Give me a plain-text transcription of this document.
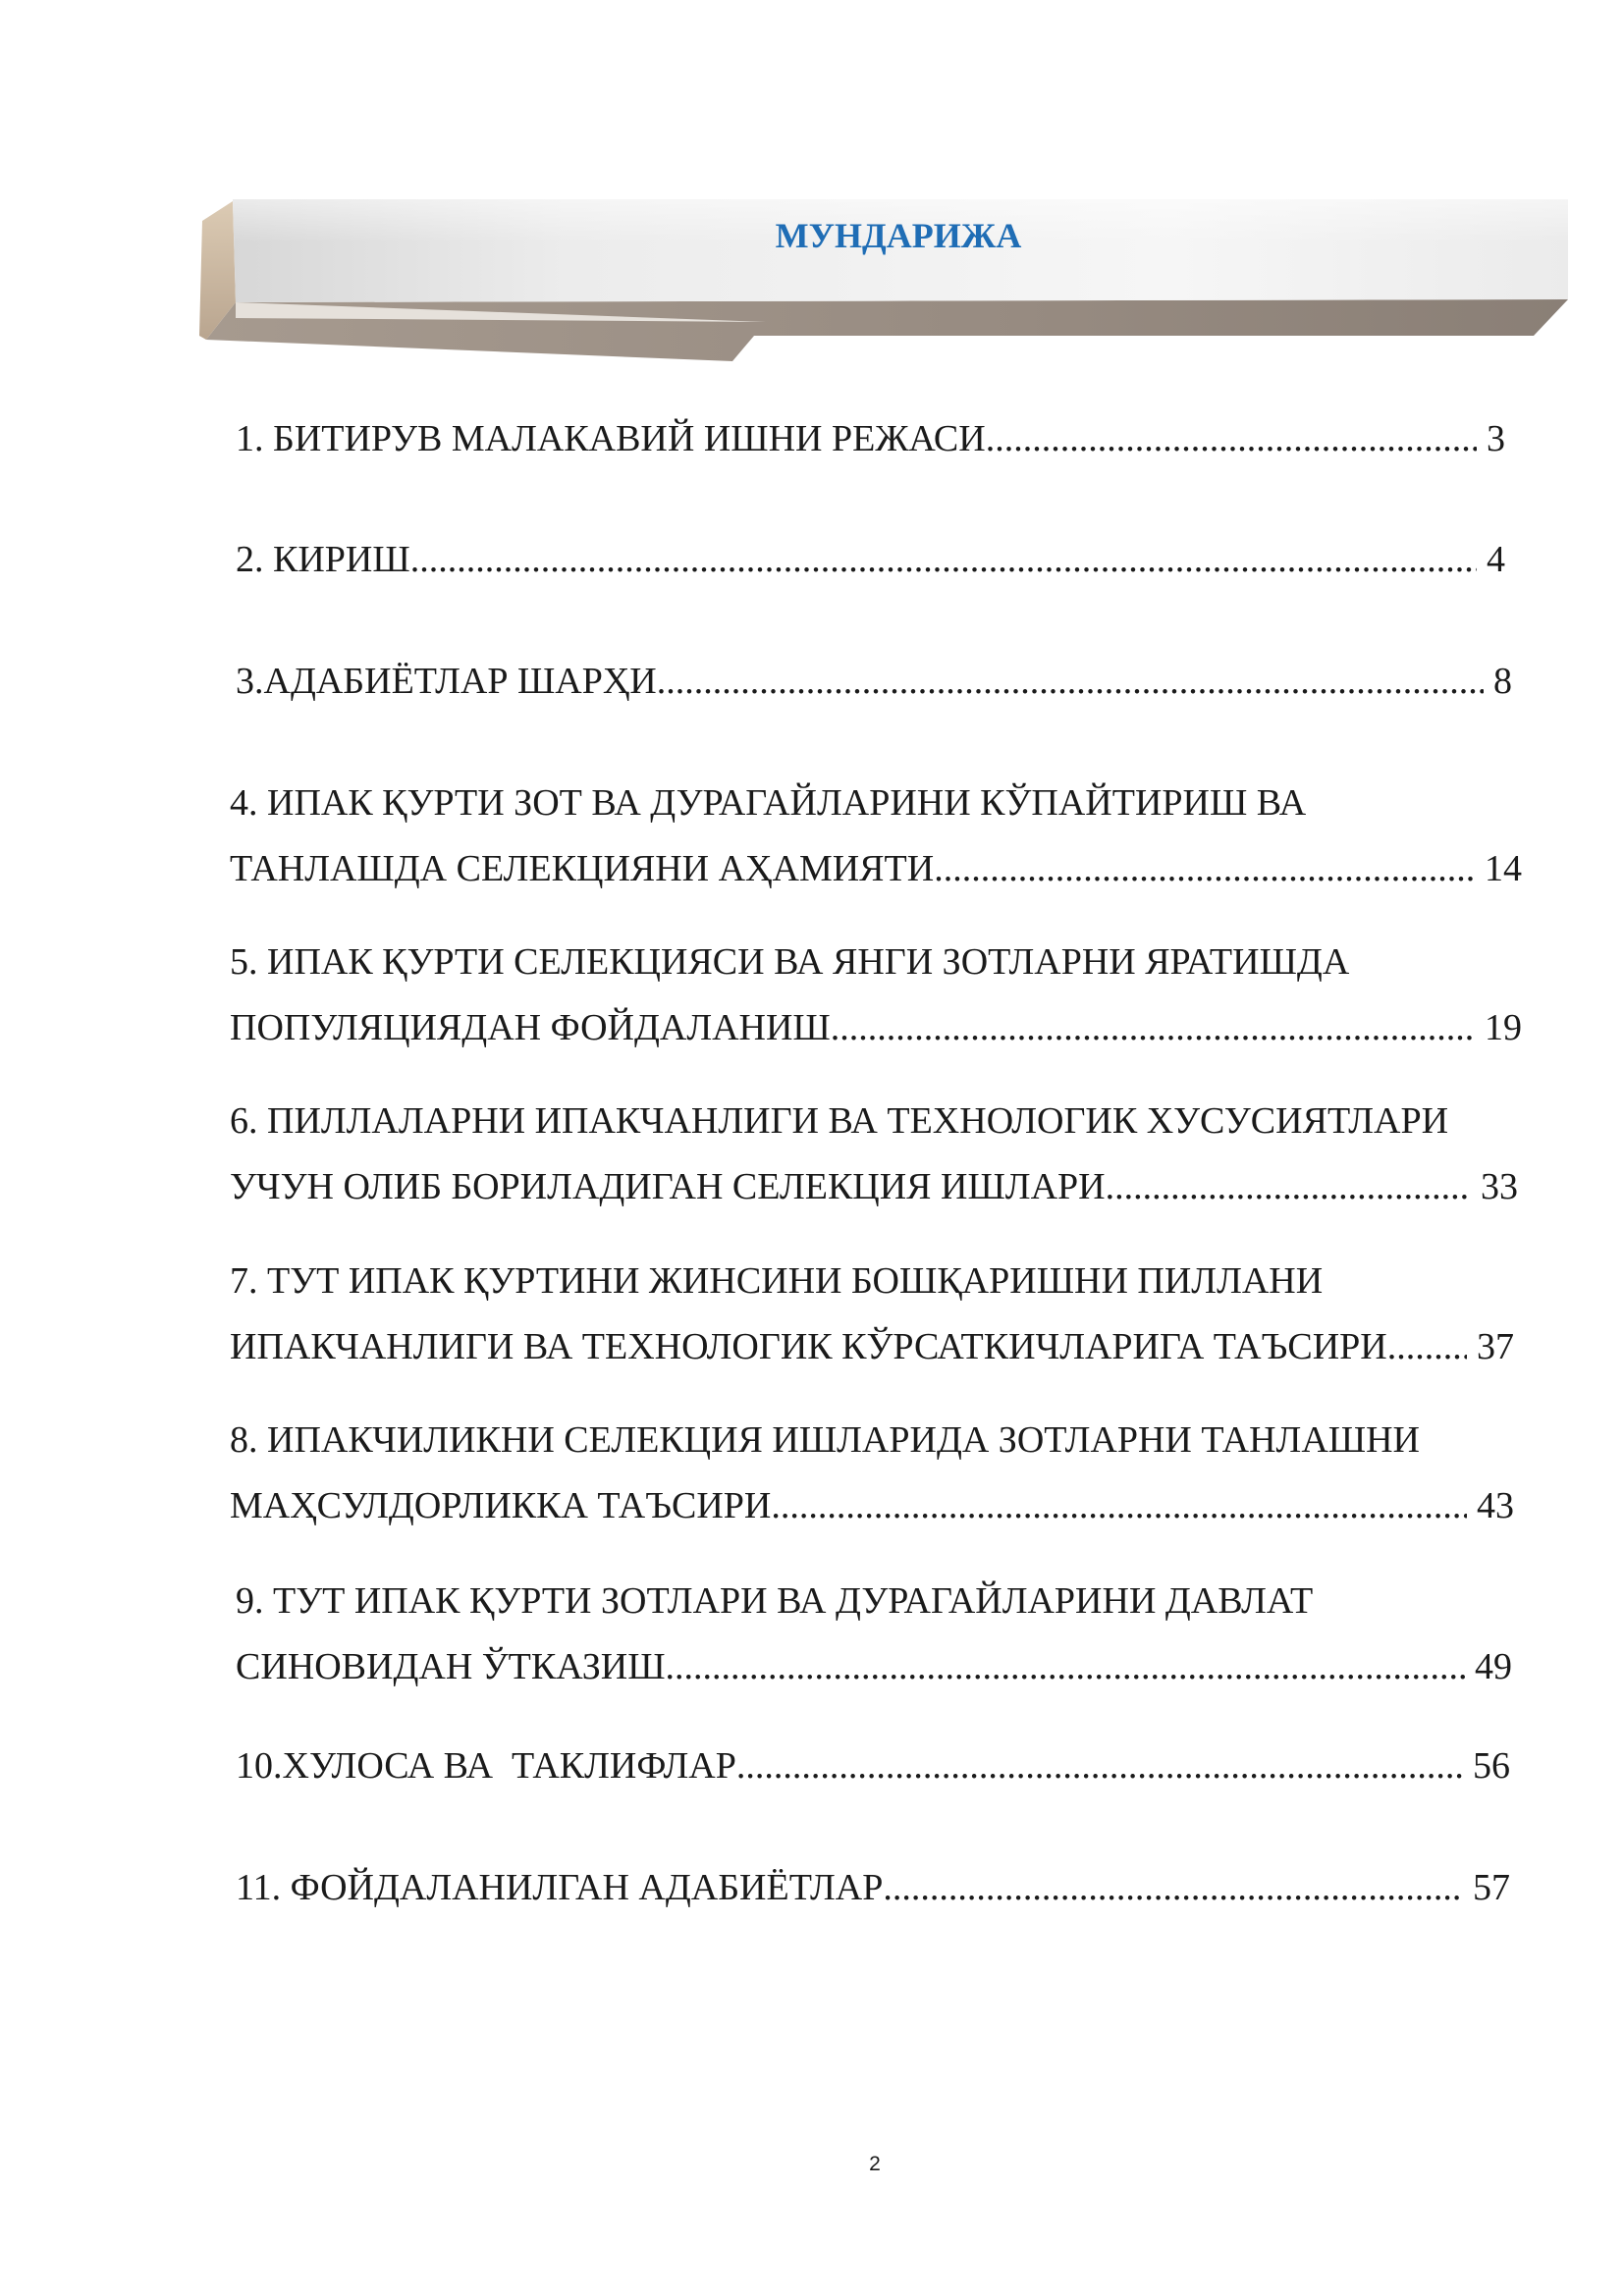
МУНДАРИЖА
1. БИТИРУВ МАЛАКАВИЙ ИШНИ РЕЖАСИ .....	3
2. КИРИШ .....	4
3.АДАБИЁТЛАР ШАРҲИ .....	8
4. ИПАК ҚУРТИ ЗОТ ВА ДУРАГАЙЛАРИНИ КЎПАЙТИРИШ ВА
ТАНЛАШДА СЕЛЕКЦИЯНИ АҲАМИЯТИ .....	14
5. ИПАК ҚУРТИ СЕЛЕКЦИЯСИ ВА ЯНГИ ЗОТЛАРНИ ЯРАТИШДА
ПОПУЛЯЦИЯДАН ФОЙДАЛАНИШ .....	19
6. ПИЛЛАЛАРНИ ИПАКЧАНЛИГИ ВА ТЕХНОЛОГИК ХУСУСИЯТЛАРИ
УЧУН ОЛИБ БОРИЛАДИГАН СЕЛЕКЦИЯ ИШЛАРИ .....	33
7. ТУТ ИПАК ҚУРТИНИ ЖИНСИНИ БОШҚАРИШНИ ПИЛЛАНИ
ИПАКЧАНЛИГИ ВА ТЕХНОЛОГИК КЎРСАТКИЧЛАРИГА ТАЪСИРИ ..... 37
8. ИПАКЧИЛИКНИ СЕЛЕКЦИЯ ИШЛАРИДА ЗОТЛАРНИ ТАНЛАШНИ
МАҲСУЛДОРЛИККА ТАЪСИРИ .....	43
9. ТУТ ИПАК ҚУРТИ ЗОТЛАРИ ВА ДУРАГАЙЛАРИНИ ДАВЛАТ
СИНОВИДАН ЎТКАЗИШ .....	49
10.ХУЛОСА ВА  ТАКЛИФЛАР .....	56
11. ФОЙДАЛАНИЛГАН АДАБИЁТЛАР .....	57
2
